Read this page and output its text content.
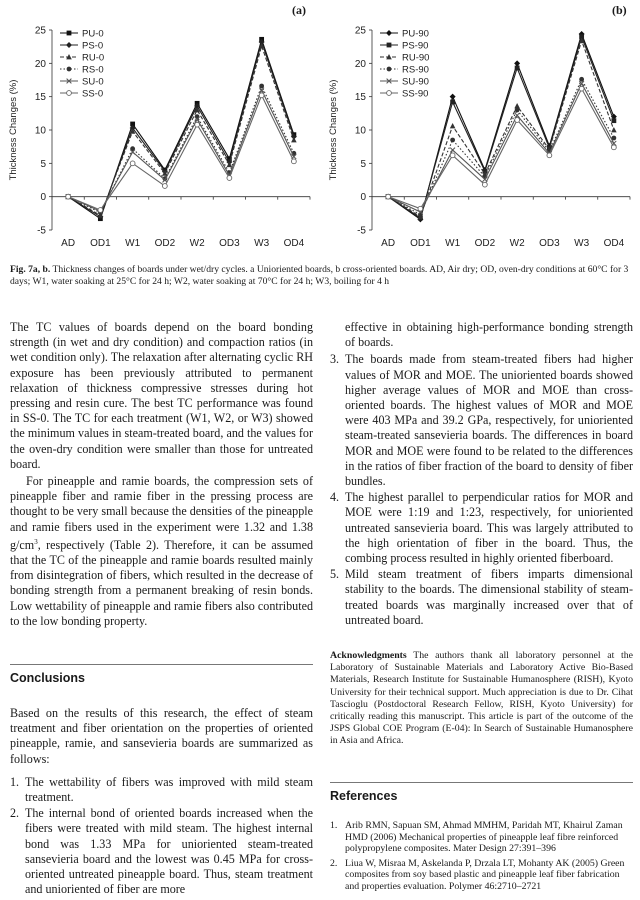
-5
0
5
10
15
20
25
AD OD1 W1 OD2 W2 OD3 W3 OD4
Thickness Changes (%)
PU-0
PS-0
RU-0
RS-0
SU-0
SS-0
(a)
-5
0
5
10
15
20
25
AD OD1 W1 OD2 W2 OD3 W3 OD4
Thickness Changes (%)
PU-90
PS-90
RU-90
RS-90
SU-90
SS-90
(b)
Fig. 7a, b. Thickness changes of boards under wet/dry cycles. a Unioriented boards, b cross-oriented boards. AD, Air dry; OD, oven-dry conditions at 60°C for 3 days; W1, water soaking at 25°C for 24 h; W2, water soaking at 70°C for 24 h; W3, boiling for 4 h

The TC values of boards depend on the board bonding strength (in wet and dry condition) and compaction ratios (in wet condition only). The relaxation after alternating cyclic RH exposure has been previously attributed to permanent relaxation of thickness compressive stresses during hot pressing and resin cure. The best TC performance was found in SS-0. The TC for each treatment (W1, W2, or W3) showed the minimum values in steam-treated board, and the values for the oven-dry condition were smaller than those for untreated board.

For pineapple and ramie boards, the compression sets of pineapple fiber and ramie fiber in the pressing process are thought to be very small because the densities of the pineapple and ramie fibers used in the experiment were 1.32 and 1.38 $g/cm^3$, respectively (Table 2). Therefore, it can be assumed that the TC of the pineapple and ramie boards resulted mainly from disintegration of fibers, which resulted in the decrease of bonding strength from a permanent breaking of resin bonds. Low wettability of pineapple and ramie fibers also contributed to the low bonding property.

Conclusions

Based on the results of this research, the effect of steam treatment and fiber orientation on the properties of oriented pineapple, ramie, and sansevieria boards are summarized as follows:

1. The wettability of fibers was improved with mild steam treatment.
2. The internal bond of oriented boards increased when the fibers were treated with mild steam. The highest internal bond was 1.33 MPa for unioriented steam-treated sansevieria board and the lowest was 0.45 MPa for cross-oriented untreated pineapple board. Thus, steam treatment and unioriented of fiber are more

effective in obtaining high-performance bonding strength of boards.

3. The boards made from steam-treated fibers had higher values of MOR and MOE. The unioriented boards showed higher average values of MOR and MOE than cross-oriented boards. The highest values of MOR and MOE were 403 MPa and 39.2 GPa, respectively, for unioriented steam-treated sansevieria boards. The differences in board MOR and MOE were found to be related to the differences in the ratios of fiber fraction of the board to density of fiber bundles.
4. The highest parallel to perpendicular ratios for MOR and MOE were 1:19 and 1:23, respectively, for unioriented untreated sansevieria board. This was largely attributed to the high orientation of fiber in the board. Thus, the combing process resulted in highly oriented fiberboard.
5. Mild steam treatment of fibers imparts dimensional stability to the boards. The dimensional stability of steam-treated boards was marginally increased over that of untreated board.
Acknowledgments The authors thank all laboratory personnel at the Laboratory of Sustainable Materials and Laboratory Active Bio-Based Materials, Research Institute for Sustainable Humanosphere (RISH), Kyoto University for their technical support. Much appreciation is due to Dr. Cihat Tascioglu (Postdoctoral Research Fellow, RISH, Kyoto University) for critically reading this manuscript. This article is part of the outcome of the JSPS Global COE Program (E-04): In Search of Sustainable Humanosphere in Asia and Africa.
References
1. Arib RMN, Sapuan SM, Ahmad MMHM, Paridah MT, Khairul Zaman HMD (2006) Mechanical properties of pineapple leaf fibre reinforced polypropylene composites. Mater Design 27:391–396
2. Liua W, Misraa M, Askelanda P, Drzala LT, Mohanty AK (2005) Green composites from soy based plastic and pineapple leaf fiber fabrication and properties evaluation. Polymer 46:2710–2721
